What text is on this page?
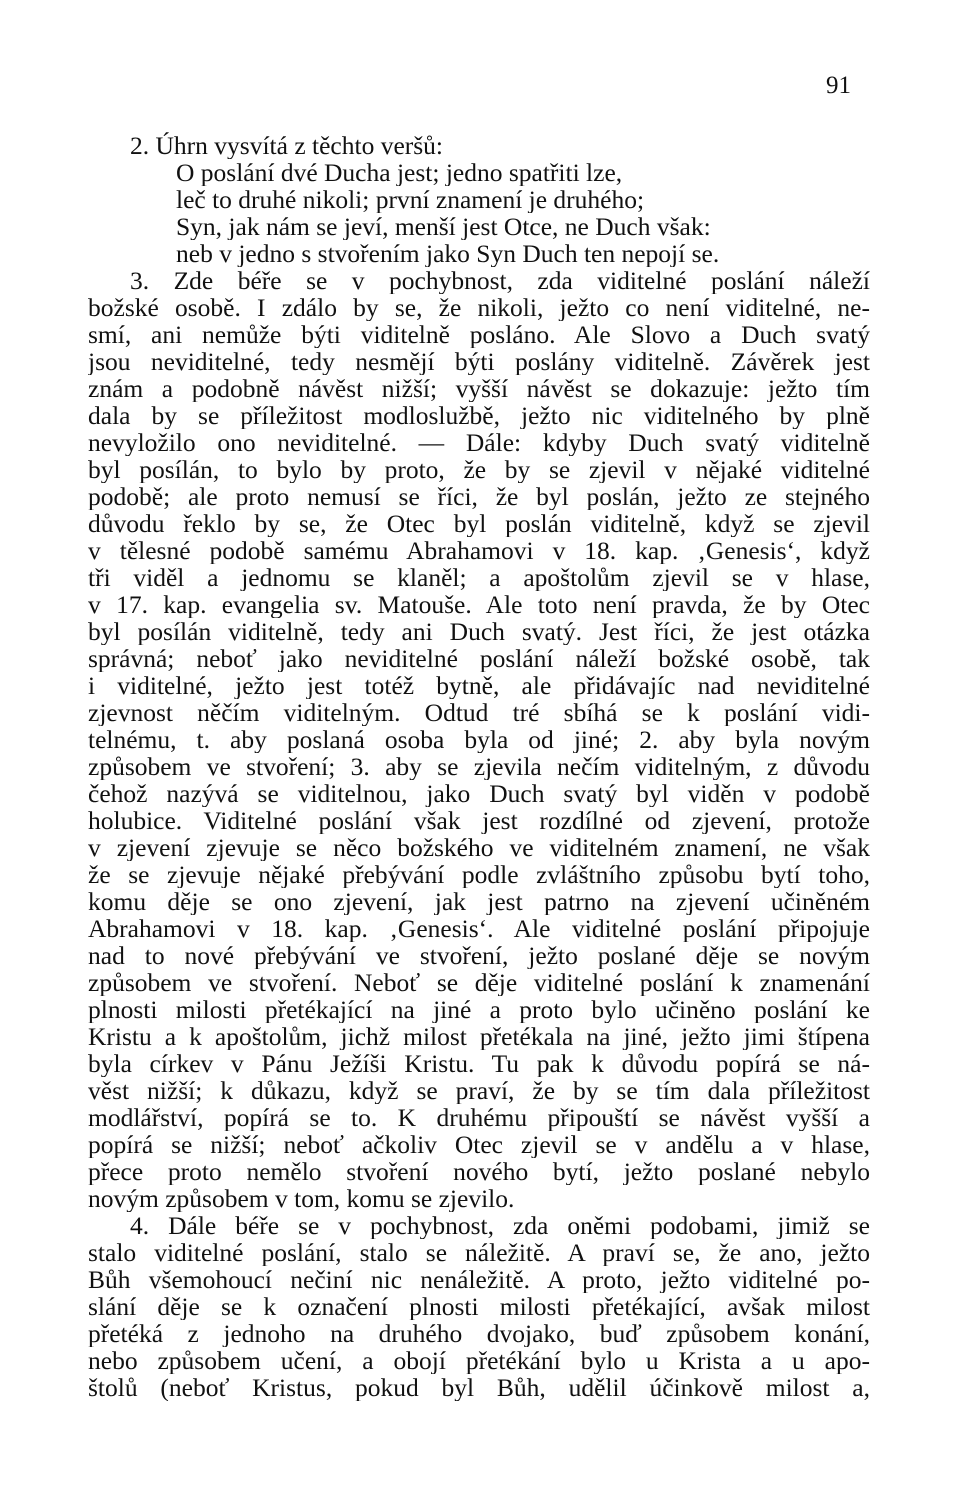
91
2. Úhrn vysvítá z těchto veršů:
O poslání dvé Ducha jest; jedno spatřiti lze,
leč to druhé nikoli; první znamení je druhého;
Syn, jak nám se jeví, menší jest Otce, ne Duch však:
neb v jedno s stvořením jako Syn Duch ten nepojí se.
3. Zde béře se v pochybnost, zda viditelné poslání náleží
božské osobě. I zdálo by se, že nikoli, ježto co není viditelné, ne-
smí, ani nemůže býti viditelně posláno. Ale Slovo a Duch svatý
jsou neviditelné, tedy nesmějí býti poslány viditelně. Závěrek jest
znám a podobně návěst nižší; vyšší návěst se dokazuje: ježto tím
dala by se příležitost modloslužbě, ježto nic viditelného by plně
nevyložilo ono neviditelné. — Dále: kdyby Duch svatý viditelně
byl posílán, to bylo by proto, že by se zjevil v nějaké viditelné
podobě; ale proto nemusí se říci, že byl poslán, ježto ze stejného
důvodu řeklo by se, že Otec byl poslán viditelně, když se zjevil
v tělesné podobě samému Abrahamovi v 18. kap. ‚Genesis‘, když
tři viděl a jednomu se klaněl; a apoštolům zjevil se v hlase,
v 17. kap. evangelia sv. Matouše. Ale toto není pravda, že by Otec
byl posílán viditelně, tedy ani Duch svatý. Jest říci, že jest otázka
správná; neboť jako neviditelné poslání náleží božské osobě, tak
i viditelné, ježto jest totéž bytně, ale přidávajíc nad neviditelné
zjevnost něčím viditelným. Odtud tré sbíhá se k poslání vidi-
telnému, t. aby poslaná osoba byla od jiné; 2. aby byla novým
způsobem ve stvoření; 3. aby se zjevila nečím viditelným, z důvodu
čehož nazývá se viditelnou, jako Duch svatý byl viděn v podobě
holubice. Viditelné poslání však jest rozdílné od zjevení, protože
v zjevení zjevuje se něco božského ve viditelném znamení, ne však
že se zjevuje nějaké přebývání podle zvláštního způsobu bytí toho,
komu děje se ono zjevení, jak jest patrno na zjevení učiněném
Abrahamovi v 18. kap. ‚Genesis‘. Ale viditelné poslání připojuje
nad to nové přebývání ve stvoření, ježto poslané děje se novým
způsobem ve stvoření. Neboť se děje viditelné poslání k znamenání
plnosti milosti přetékající na jiné a proto bylo učiněno poslání ke
Kristu a k apoštolům, jichž milost přetékala na jiné, ježto jimi štípena
byla církev v Pánu Ježíši Kristu. Tu pak k důvodu popírá se ná-
věst nižší; k důkazu, když se praví, že by se tím dala příležitost
modlářství, popírá se to. K druhému připouští se návěst vyšší a
popírá se nižší; neboť ačkoliv Otec zjevil se v andělu a v hlase,
přece proto nemělo stvoření nového bytí, ježto poslané nebylo
novým způsobem v tom, komu se zjevilo.
4. Dále béře se v pochybnost, zda oněmi podobami, jimiž se
stalo viditelné poslání, stalo se náležitě. A praví se, že ano, ježto
Bůh všemohoucí nečiní nic nenáležitě. A proto, ježto viditelné po-
slání děje se k označení plnosti milosti přetékající, avšak milost
přetéká z jednoho na druhého dvojako, buď způsobem konání,
nebo způsobem učení, a obojí přetékání bylo u Krista a u apo-
štolů (neboť Kristus, pokud byl Bůh, udělil účinkově milost a,
